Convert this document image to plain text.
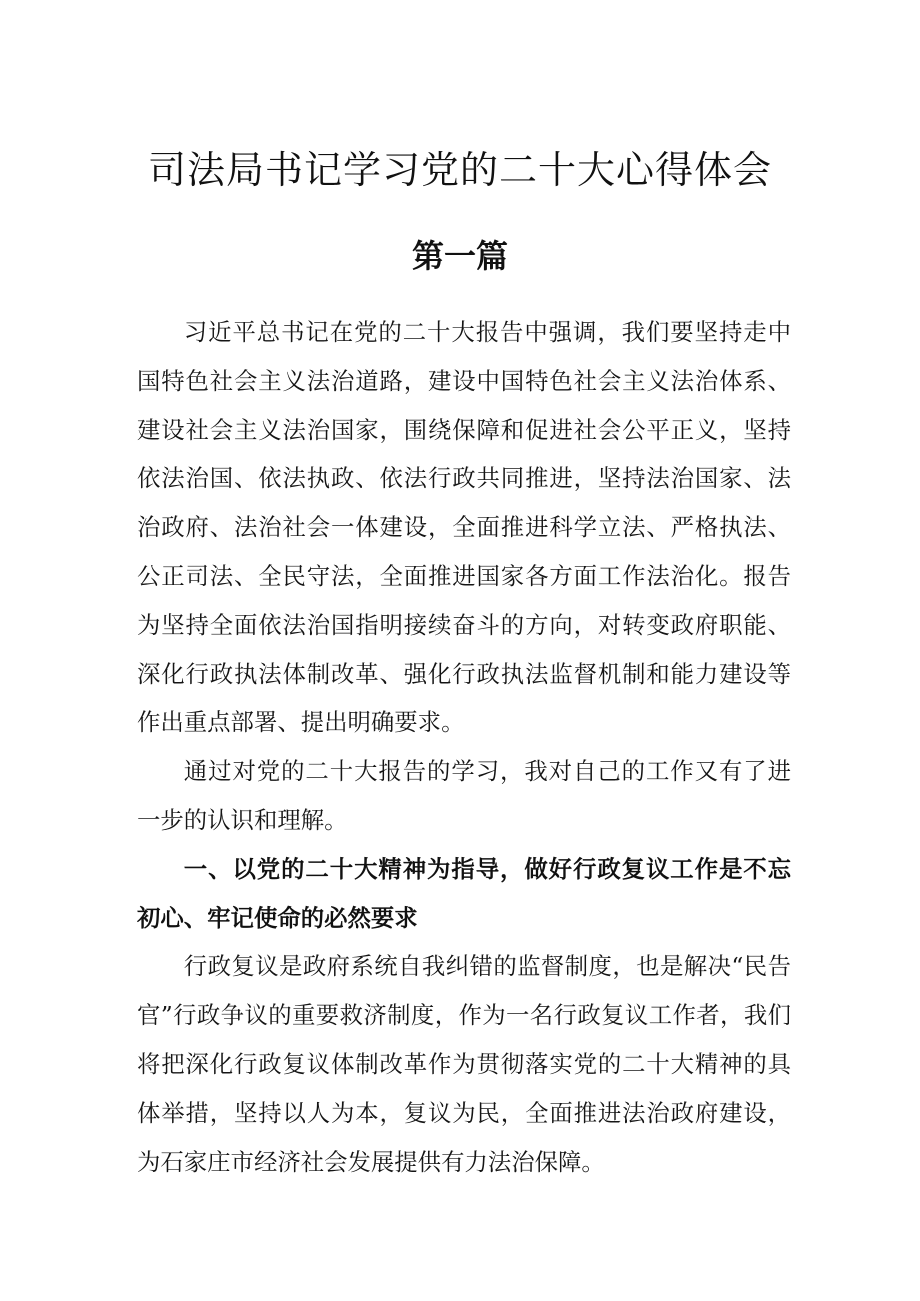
司法局书记学习党的二十大心得体会
第一篇

习近平总书记在党的二十大报告中强调，我们要坚持走中国特色社会主义法治道路，建设中国特色社会主义法治体系、建设社会主义法治国家，围绕保障和促进社会公平正义，坚持依法治国、依法执政、依法行政共同推进，坚持法治国家、法治政府、法治社会一体建设，全面推进科学立法、严格执法、公正司法、全民守法，全面推进国家各方面工作法治化。报告为坚持全面依法治国指明接续奋斗的方向，对转变政府职能、深化行政执法体制改革、强化行政执法监督机制和能力建设等作出重点部署、提出明确要求。

通过对党的二十大报告的学习，我对自己的工作又有了进一步的认识和理解。

一、以党的二十大精神为指导，做好行政复议工作是不忘初心、牢记使命的必然要求

行政复议是政府系统自我纠错的监督制度，也是解决“民告官”行政争议的重要救济制度，作为一名行政复议工作者，我们将把深化行政复议体制改革作为贯彻落实党的二十大精神的具体举措，坚持以人为本，复议为民，全面推进法治政府建设，为石家庄市经济社会发展提供有力法治保障。
